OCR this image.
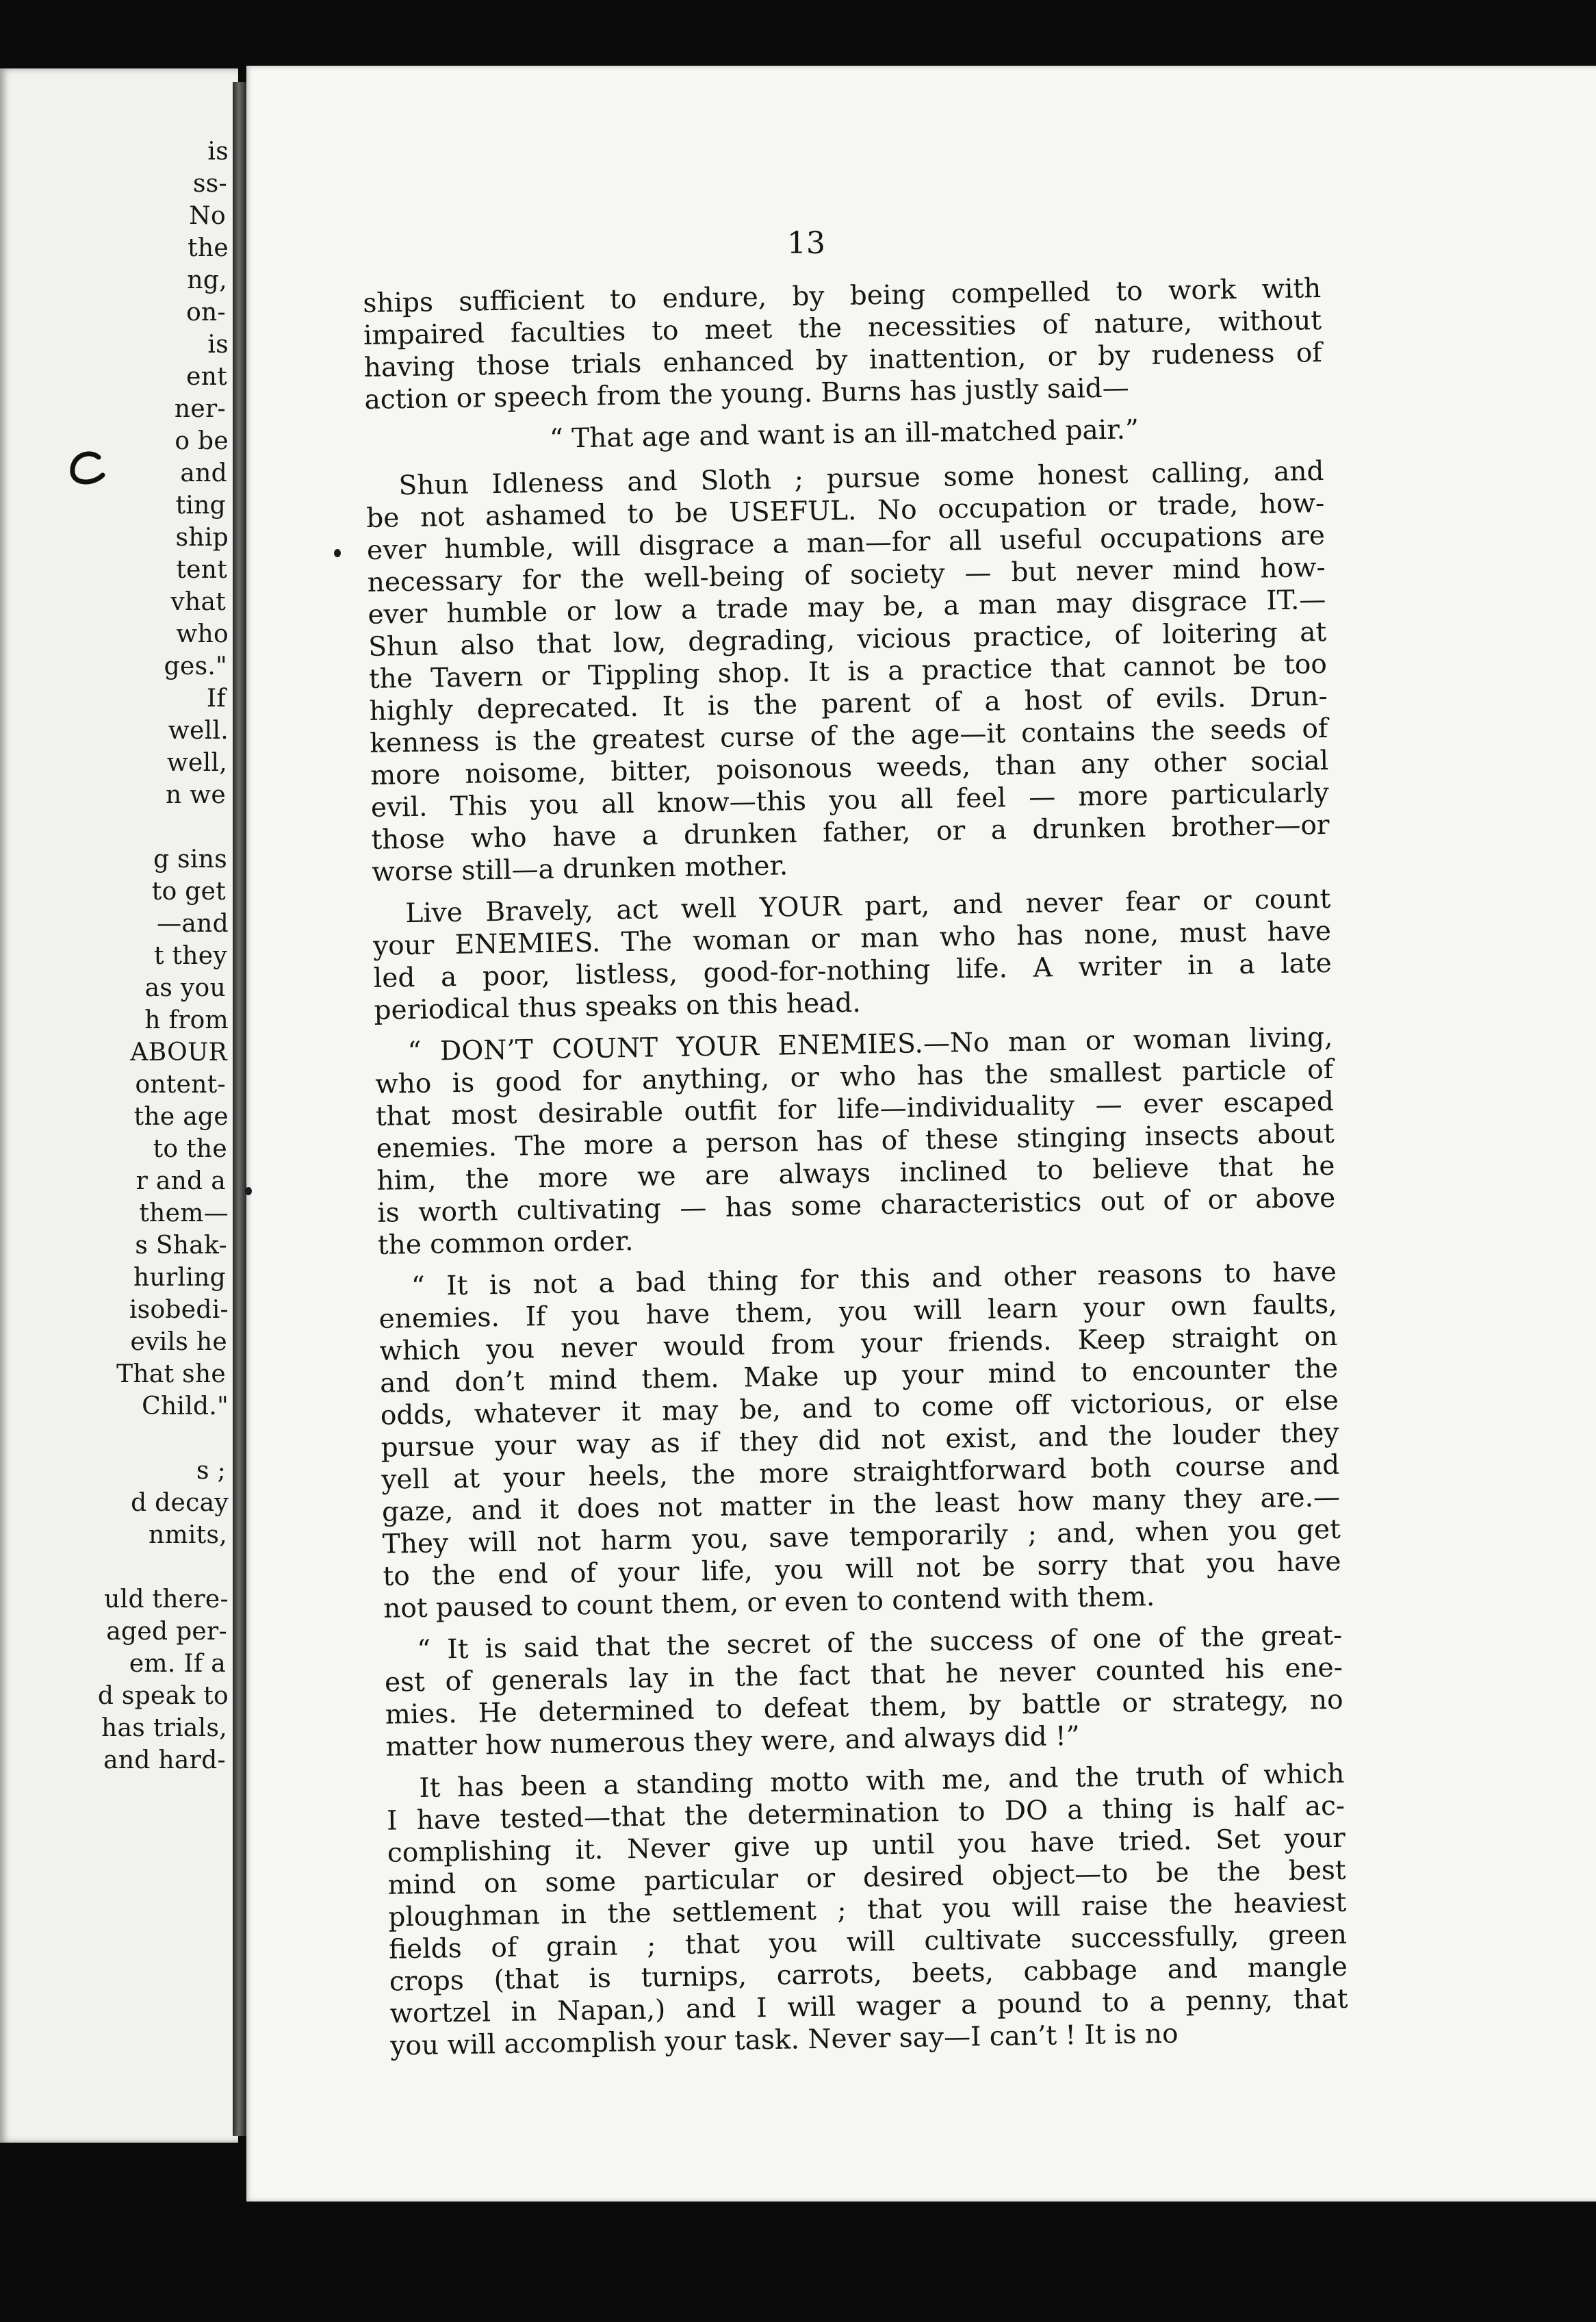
is
ss-
No
the
ng,
on-
is
ent
ner-
o be
and
ting
ship
tent
vhat
who
ges."
If
well.
well,
n we
g sins
to get
—and
t they
as you
h from
ABOUR
ontent-
the age
to the
r and a
them—
s Shak-
hurling
isobedi-
evils he
That she
Child."
s ;
d decay
nmits,
uld there-
aged per-
em. If a
d speak to
has trials,
and hard-
13

ships sufficient to endure, by being compelled to work with
impaired faculties to meet the necessities of nature, without
having those trials enhanced by inattention, or by rudeness of
action or speech from the young. Burns has justly said—

“ That age and want is an ill-matched pair.”

Shun Idleness and Sloth ; pursue some honest calling, and
be not ashamed to be USEFUL. No occupation or trade, how-
ever humble, will disgrace a man—for all useful occupations are
necessary for the well-being of society — but never mind how-
ever humble or low a trade may be, a man may disgrace IT.—
Shun also that low, degrading, vicious practice, of loitering at
the Tavern or Tippling shop. It is a practice that cannot be too
highly deprecated. It is the parent of a host of evils. Drun-
kenness is the greatest curse of the age—it contains the seeds of
more noisome, bitter, poisonous weeds, than any other social
evil. This you all know—this you all feel — more particularly
those who have a drunken father, or a drunken brother—or
worse still—a drunken mother.

Live Bravely, act well YOUR part, and never fear or count
your ENEMIES. The woman or man who has none, must have
led a poor, listless, good-for-nothing life. A writer in a late
periodical thus speaks on this head.

“ DON’T COUNT YOUR ENEMIES.—No man or woman living,
who is good for anything, or who has the smallest particle of
that most desirable outfit for life—individuality — ever escaped
enemies. The more a person has of these stinging insects about
him, the more we are always inclined to believe that he
is worth cultivating — has some characteristics out of or above
the common order.

“ It is not a bad thing for this and other reasons to have
enemies. If you have them, you will learn your own faults,
which you never would from your friends. Keep straight on
and don’t mind them. Make up your mind to encounter the
odds, whatever it may be, and to come off victorious, or else
pursue your way as if they did not exist, and the louder they
yell at your heels, the more straightforward both course and
gaze, and it does not matter in the least how many they are.—
They will not harm you, save temporarily ; and, when you get
to the end of your life, you will not be sorry that you have
not paused to count them, or even to contend with them.

“ It is said that the secret of the success of one of the great-
est of generals lay in the fact that he never counted his ene-
mies. He determined to defeat them, by battle or strategy, no
matter how numerous they were, and always did !”

It has been a standing motto with me, and the truth of which
I have tested—that the determination to DO a thing is half ac-
complishing it. Never give up until you have tried. Set your
mind on some particular or desired object—to be the best
ploughman in the settlement ; that you will raise the heaviest
fields of grain ; that you will cultivate successfully, green
crops (that is turnips, carrots, beets, cabbage and mangle
wortzel in Napan,) and I will wager a pound to a penny, that
you will accomplish your task. Never say—I can’t ! It is no
